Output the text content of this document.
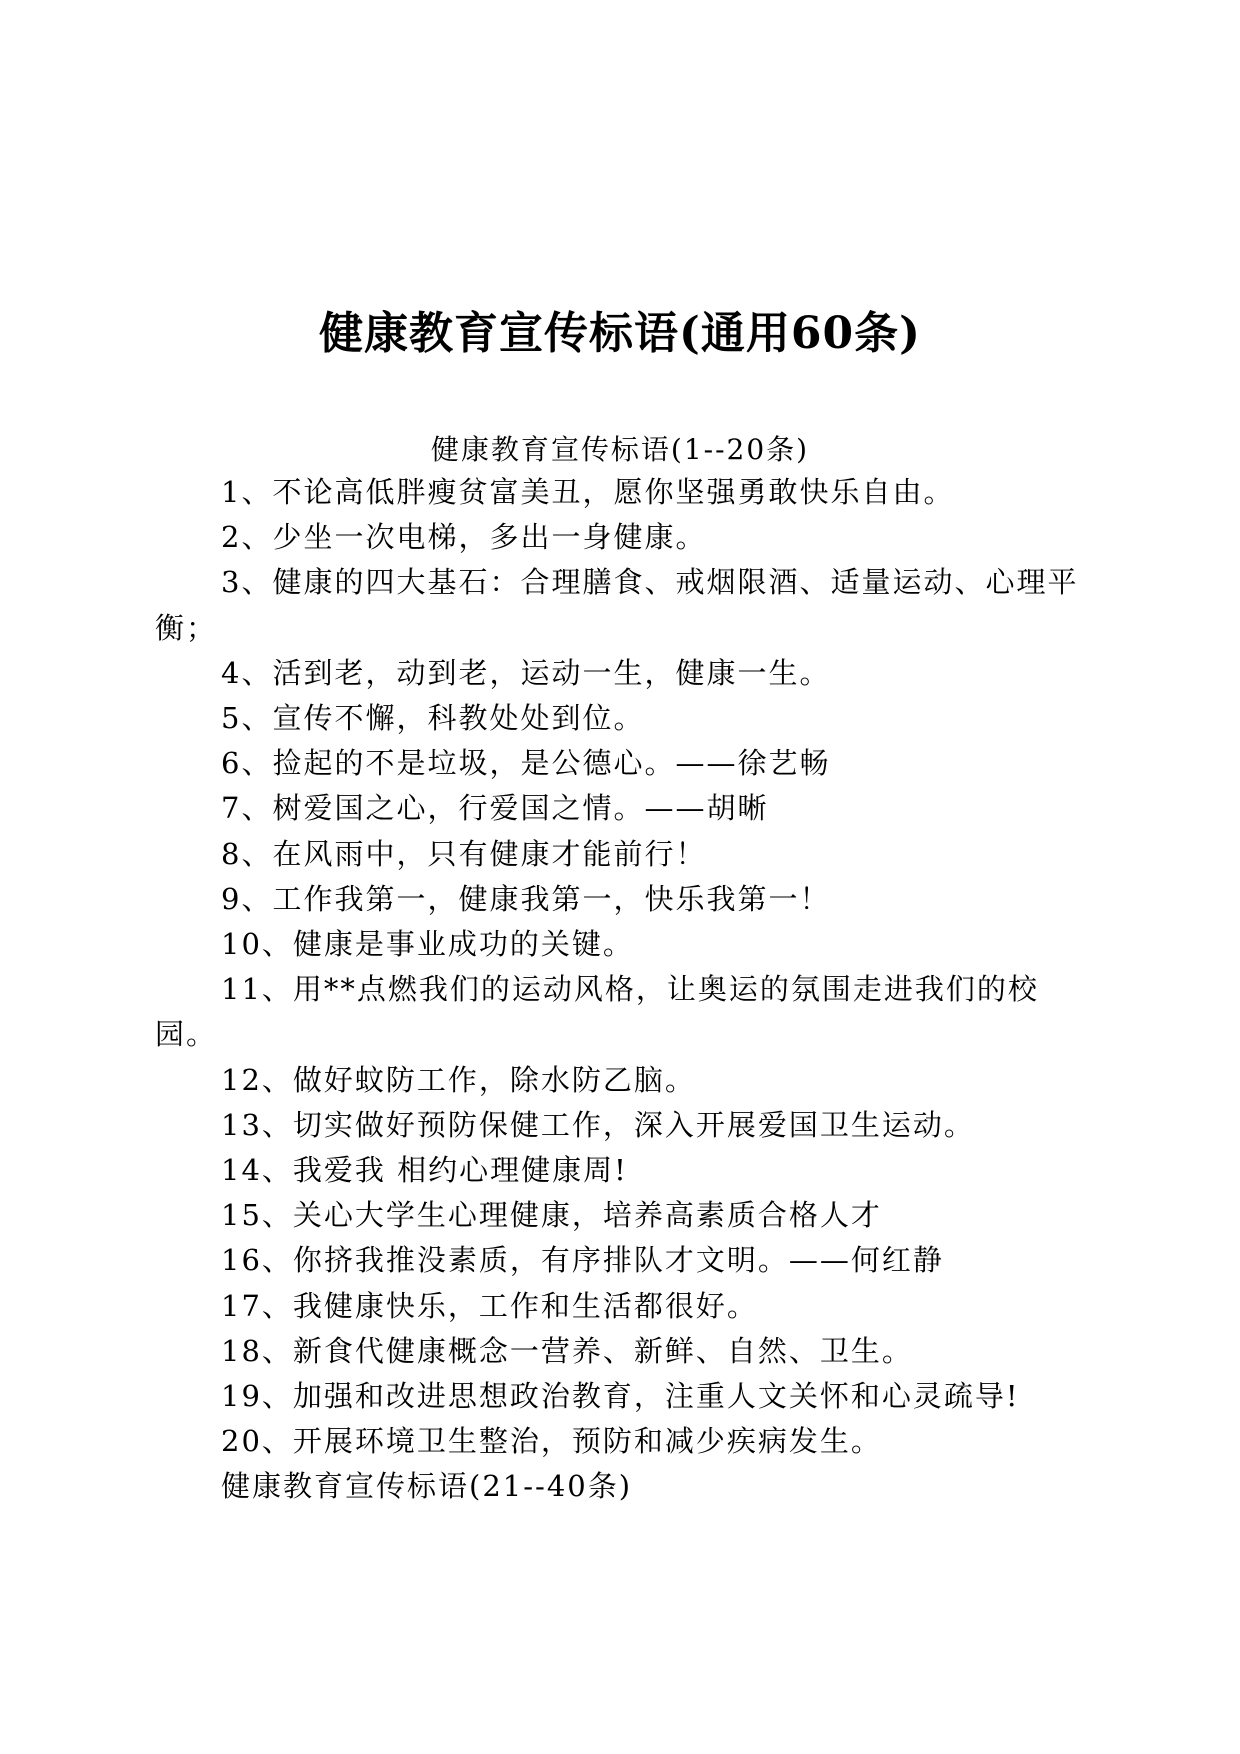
健康教育宣传标语(通用60条)
健康教育宣传标语(1--20条)

1、不论高低胖瘦贫富美丑，愿你坚强勇敢快乐自由。

2、少坐一次电梯，多出一身健康。

3、健康的四大基石：合理膳食、戒烟限酒、适量运动、心理平衡；

4、活到老，动到老，运动一生，健康一生。

5、宣传不懈，科教处处到位。

6、捡起的不是垃圾，是公德心。——徐艺畅

7、树爱国之心，行爱国之情。——胡晰

8、在风雨中，只有健康才能前行！

9、工作我第一，健康我第一，快乐我第一！

10、健康是事业成功的关键。

11、用**点燃我们的运动风格，让奥运的氛围走进我们的校园。

12、做好蚊防工作，除水防乙脑。

13、切实做好预防保健工作，深入开展爱国卫生运动。

14、我爱我 相约心理健康周!

15、关心大学生心理健康，培养高素质合格人才

16、你挤我推没素质，有序排队才文明。——何红静

17、我健康快乐，工作和生活都很好。

18、新食代健康概念一营养、新鲜、自然、卫生。

19、加强和改进思想政治教育，注重人文关怀和心灵疏导!

20、开展环境卫生整治，预防和减少疾病发生。

健康教育宣传标语(21--40条)
